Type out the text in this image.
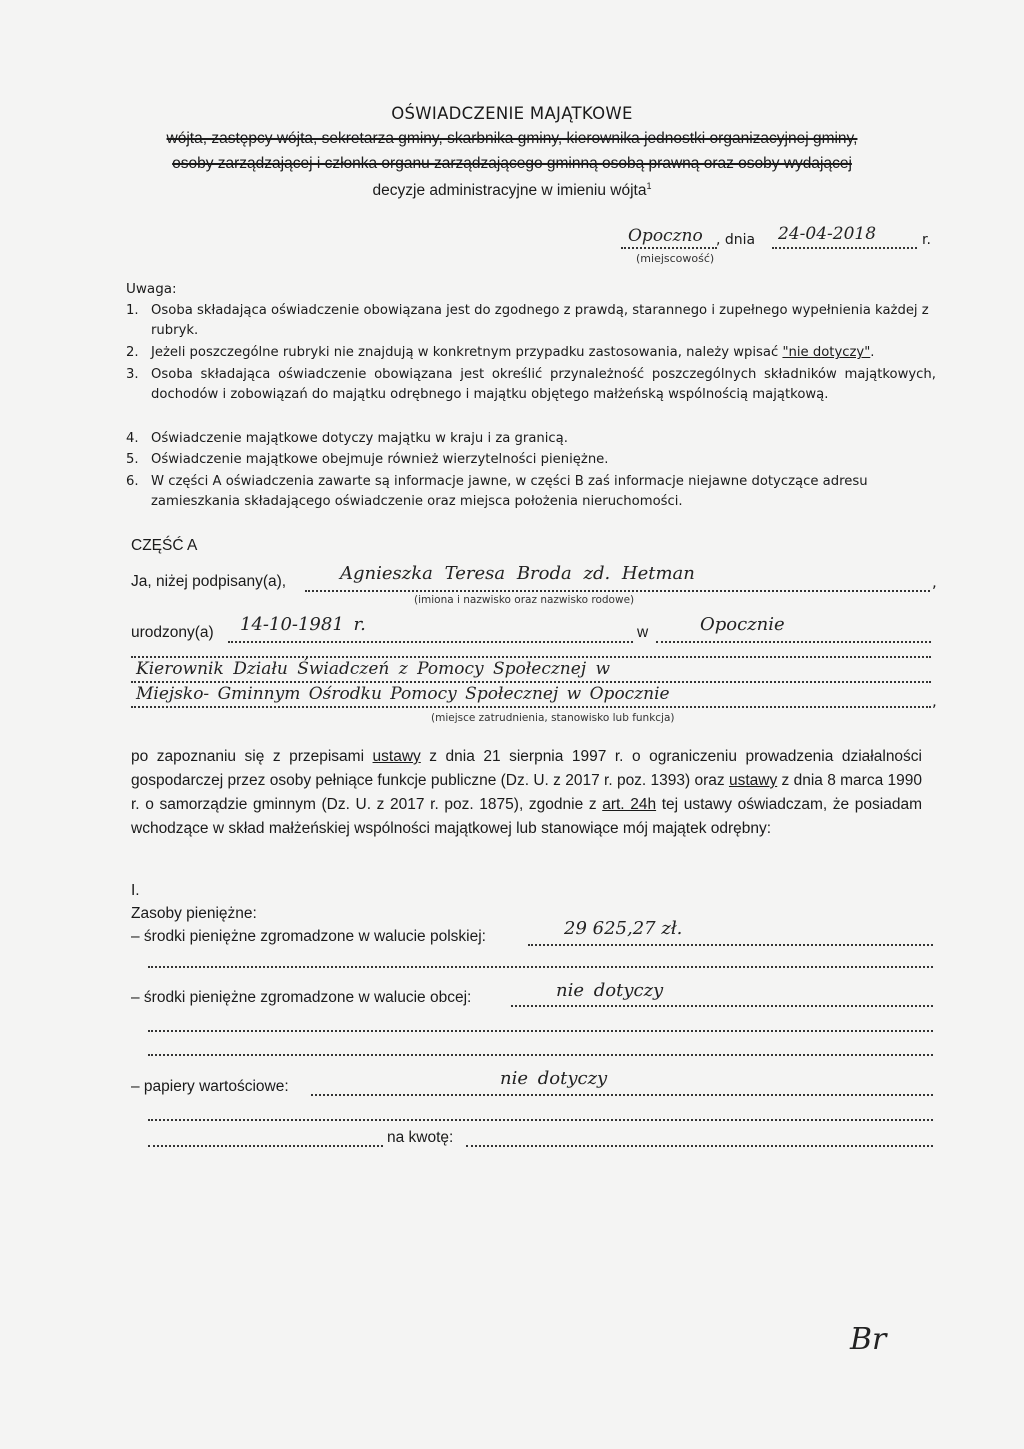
OŚWIADCZENIE MAJĄTKOWE
wójta, zastępcy wójta, sekretarza gminy, skarbnika gminy, kierownika jednostki organizacyjnej gminy,
osoby zarządzającej i członka organu zarządzającego gminną osobą prawną oraz osoby wydającej
decyzje administracyjne w imieniu wójta$^1$
Opoczno , dnia 24-04-2018	r.
(miejscowość)
Uwaga:
1. Osoba składająca oświadczenie obowiązana jest do zgodnego z prawdą, starannego i zupełnego wypełnienia każdej z rubryk.
2. Jeżeli poszczególne rubryki nie znajdują w konkretnym przypadku zastosowania, należy wpisać "nie dotyczy".
3. Osoba składająca oświadczenie obowiązana jest określić przynależność poszczególnych składników majątkowych, dochodów i zobowiązań do majątku odrębnego i majątku objętego małżeńską wspólnością majątkową.
4. Oświadczenie majątkowe dotyczy majątku w kraju i za granicą.
5. Oświadczenie majątkowe obejmuje również wierzytelności pieniężne.
6. W części A oświadczenia zawarte są informacje jawne, w części B zaś informacje niejawne dotyczące adresu zamieszkania składającego oświadczenie oraz miejsca położenia nieruchomości.
CZĘŚĆ A
Ja, niżej podpisany(a),	Agnieszka Teresa Broda zd. Hetman	,
(imiona i nazwisko oraz nazwisko rodowe)
urodzony(a) 14-10-1981 r.	w	Opocznie
Kierownik Działu Świadczeń z Pomocy Społecznej w
Miejsko- Gminnym Ośrodku Pomocy Społecznej w Opocznie	,
(miejsce zatrudnienia, stanowisko lub funkcja)
po zapoznaniu się z przepisami ustawy z dnia 21 sierpnia 1997 r. o ograniczeniu prowadzenia działalności gospodarczej przez osoby pełniące funkcje publiczne (Dz. U. z 2017 r. poz. 1393) oraz ustawy z dnia 8 marca 1990 r. o samorządzie gminnym (Dz. U. z 2017 r. poz. 1875), zgodnie z art. 24h tej ustawy oświadczam, że posiadam wchodzące w skład małżeńskiej wspólności majątkowej lub stanowiące mój majątek odrębny:
I.
Zasoby pieniężne:
– środki pieniężne zgromadzone w walucie polskiej:	29 625,27 zł.
– środki pieniężne zgromadzone w walucie obcej:	nie dotyczy
– papiery wartościowe:	nie dotyczy
na kwotę:
Br
